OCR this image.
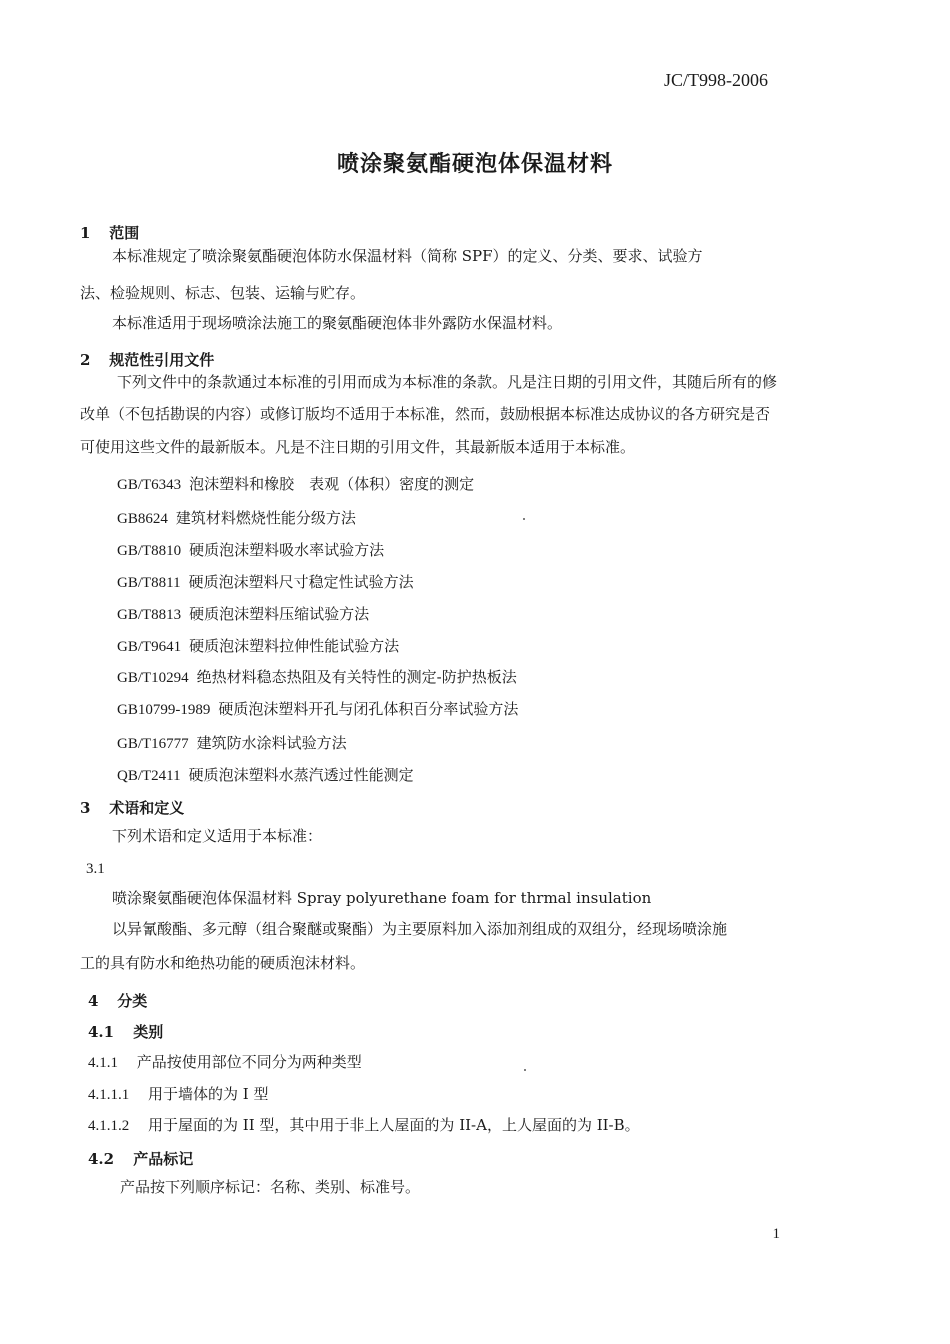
JC/T998-2006
喷涂聚氨酯硬泡体保温材料
1 范围
本标准规定了喷涂聚氨酯硬泡体防水保温材料（简称 SPF）的定义、分类、要求、试验方
法、检验规则、标志、包装、运输与贮存。
本标准适用于现场喷涂法施工的聚氨酯硬泡体非外露防水保温材料。
2 规范性引用文件
下列文件中的条款通过本标准的引用而成为本标准的条款。凡是注日期的引用文件，其随后所有的修
改单（不包括勘误的内容）或修订版均不适用于本标准，然而，鼓励根据本标准达成协议的各方研究是否
可使用这些文件的最新版本。凡是不注日期的引用文件，其最新版本适用于本标准。
GB/T6343 泡沫塑料和橡胶　表观（体积）密度的测定
GB8624 建筑材料燃烧性能分级方法
GB/T8810 硬质泡沫塑料吸水率试验方法
GB/T8811 硬质泡沫塑料尺寸稳定性试验方法
GB/T8813 硬质泡沫塑料压缩试验方法
GB/T9641 硬质泡沫塑料拉伸性能试验方法
GB/T10294 绝热材料稳态热阻及有关特性的测定-防护热板法
GB10799-1989 硬质泡沫塑料开孔与闭孔体积百分率试验方法
GB/T16777 建筑防水涂料试验方法
QB/T2411 硬质泡沫塑料水蒸汽透过性能测定
3 术语和定义
下列术语和定义适用于本标准：
3.1
喷涂聚氨酯硬泡体保温材料 Spray polyurethane foam for thrmal insulation
以异氰酸酯、多元醇（组合聚醚或聚酯）为主要原料加入添加剂组成的双组分，经现场喷涂施
工的具有防水和绝热功能的硬质泡沫材料。
4 分类
4.1 类别
4.1.1 产品按使用部位不同分为两种类型
4.1.1.1 用于墙体的为 I 型
4.1.1.2 用于屋面的为 II 型，其中用于非上人屋面的为 II-A，上人屋面的为 II-B。
4.2 产品标记
产品按下列顺序标记：名称、类别、标准号。
1
